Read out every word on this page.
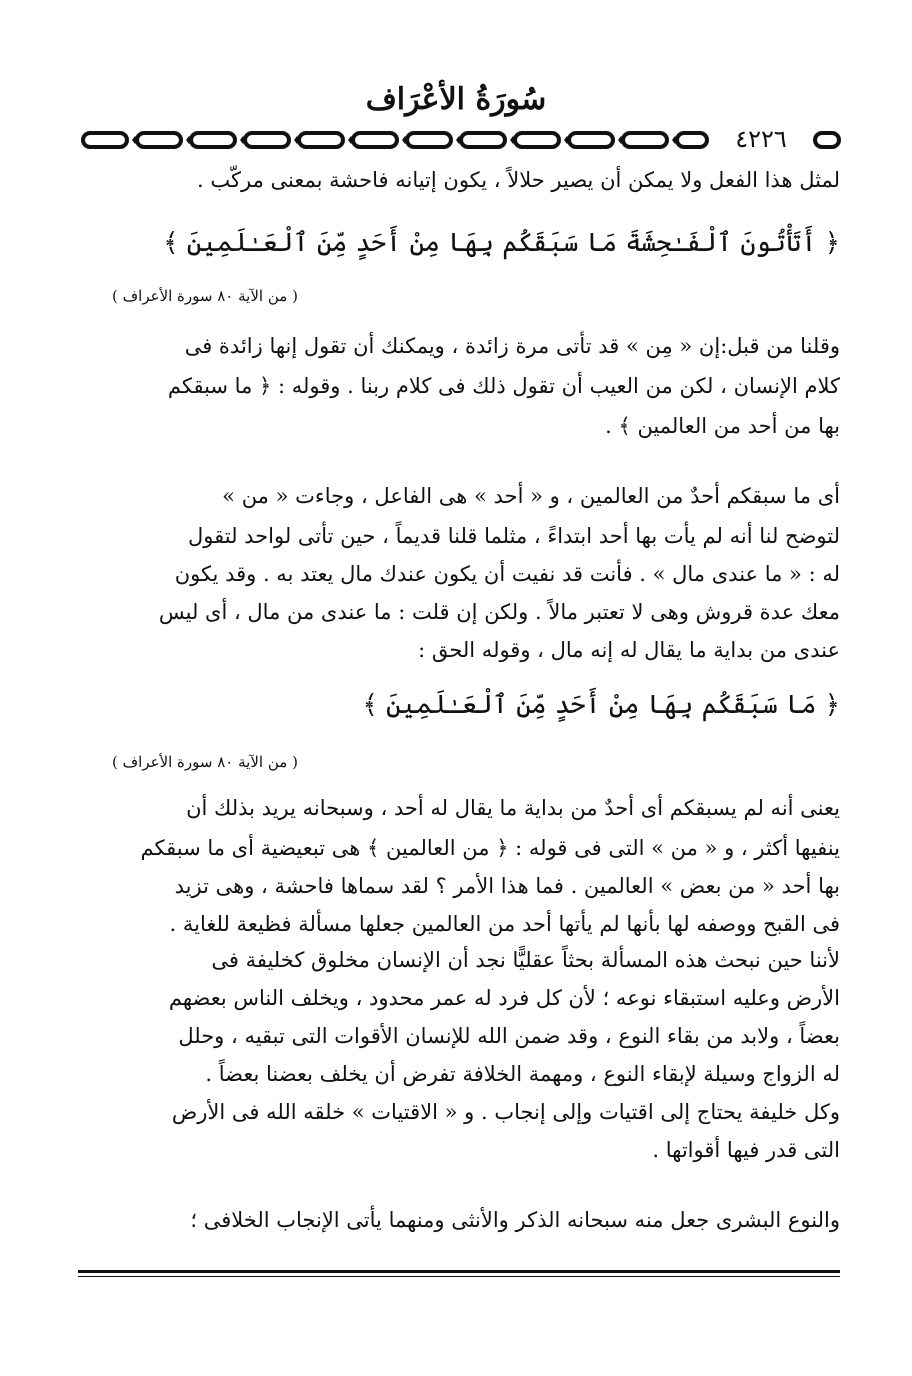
سُورَةُ الأعْرَاف
٤٢٢٦
لمثل هذا الفعل ولا يمكن أن يصير حلالاً ، يكون إتيانه فاحشة بمعنى مركّب .
﴿ أَتَأْتُونَ ٱلْفَـٰحِشَةَ مَا سَبَقَكُم بِهَا مِنْ أَحَدٍ مِّنَ ٱلْعَـٰلَمِينَ ﴾
( من الآية ٨٠ سورة الأعراف )
وقلنا من قبل:إن « مِن » قد تأتى مرة زائدة ، ويمكنك أن تقول إنها زائدة فى
كلام الإنسان ، لكن من العيب أن تقول ذلك فى كلام ربنا . وقوله : ﴿ ما سبقكم
بها من أحد من العالمين ﴾ .
أى ما سبقكم أحدٌ من العالمين ، و « أحد » هى الفاعل ، وجاءت « من »
لتوضح لنا أنه لم يأت بها أحد ابتداءً ، مثلما قلنا قديماً ، حين تأتى لواحد لتقول
له : « ما عندى مال » . فأنت قد نفيت أن يكون عندك مال يعتد به . وقد يكون
معك عدة قروش وهى لا تعتبر مالاً . ولكن إن قلت : ما عندى من مال ، أى ليس
عندى من بداية ما يقال له إنه مال ، وقوله الحق :
﴿ مَا سَبَقَكُم بِهَا مِنْ أَحَدٍ مِّنَ ٱلْعَـٰلَمِينَ ﴾
( من الآية ٨٠ سورة الأعراف )
يعنى أنه لم يسبقكم أى أحدٌ من بداية ما يقال له أحد ، وسبحانه يريد بذلك أن
ينفيها أكثر ، و « من » التى فى قوله : ﴿ من العالمين ﴾ هى تبعيضية أى ما سبقكم
بها أحد « من بعض » العالمين . فما هذا الأمر ؟ لقد سماها فاحشة ، وهى تزيد
فى القبح ووصفه لها بأنها لم يأتها أحد من العالمين جعلها مسألة فظيعة للغاية .
لأننا حين نبحث هذه المسألة بحثاً عقليًّا نجد أن الإنسان مخلوق كخليفة فى
الأرض وعليه استبقاء نوعه ؛ لأن كل فرد له عمر محدود ، ويخلف الناس بعضهم
بعضاً ، ولابد من بقاء النوع ، وقد ضمن الله للإنسان الأقوات التى تبقيه ، وحلل
له الزواج وسيلة لإبقاء النوع ، ومهمة الخلافة تفرض أن يخلف بعضنا بعضاً .
وكل خليفة يحتاج إلى اقتيات وإلى إنجاب . و « الاقتيات » خلقه الله فى الأرض
التى قدر فيها أقواتها .
والنوع البشرى جعل منه سبحانه الذكر والأنثى ومنهما يأتى الإنجاب الخلافى ؛
